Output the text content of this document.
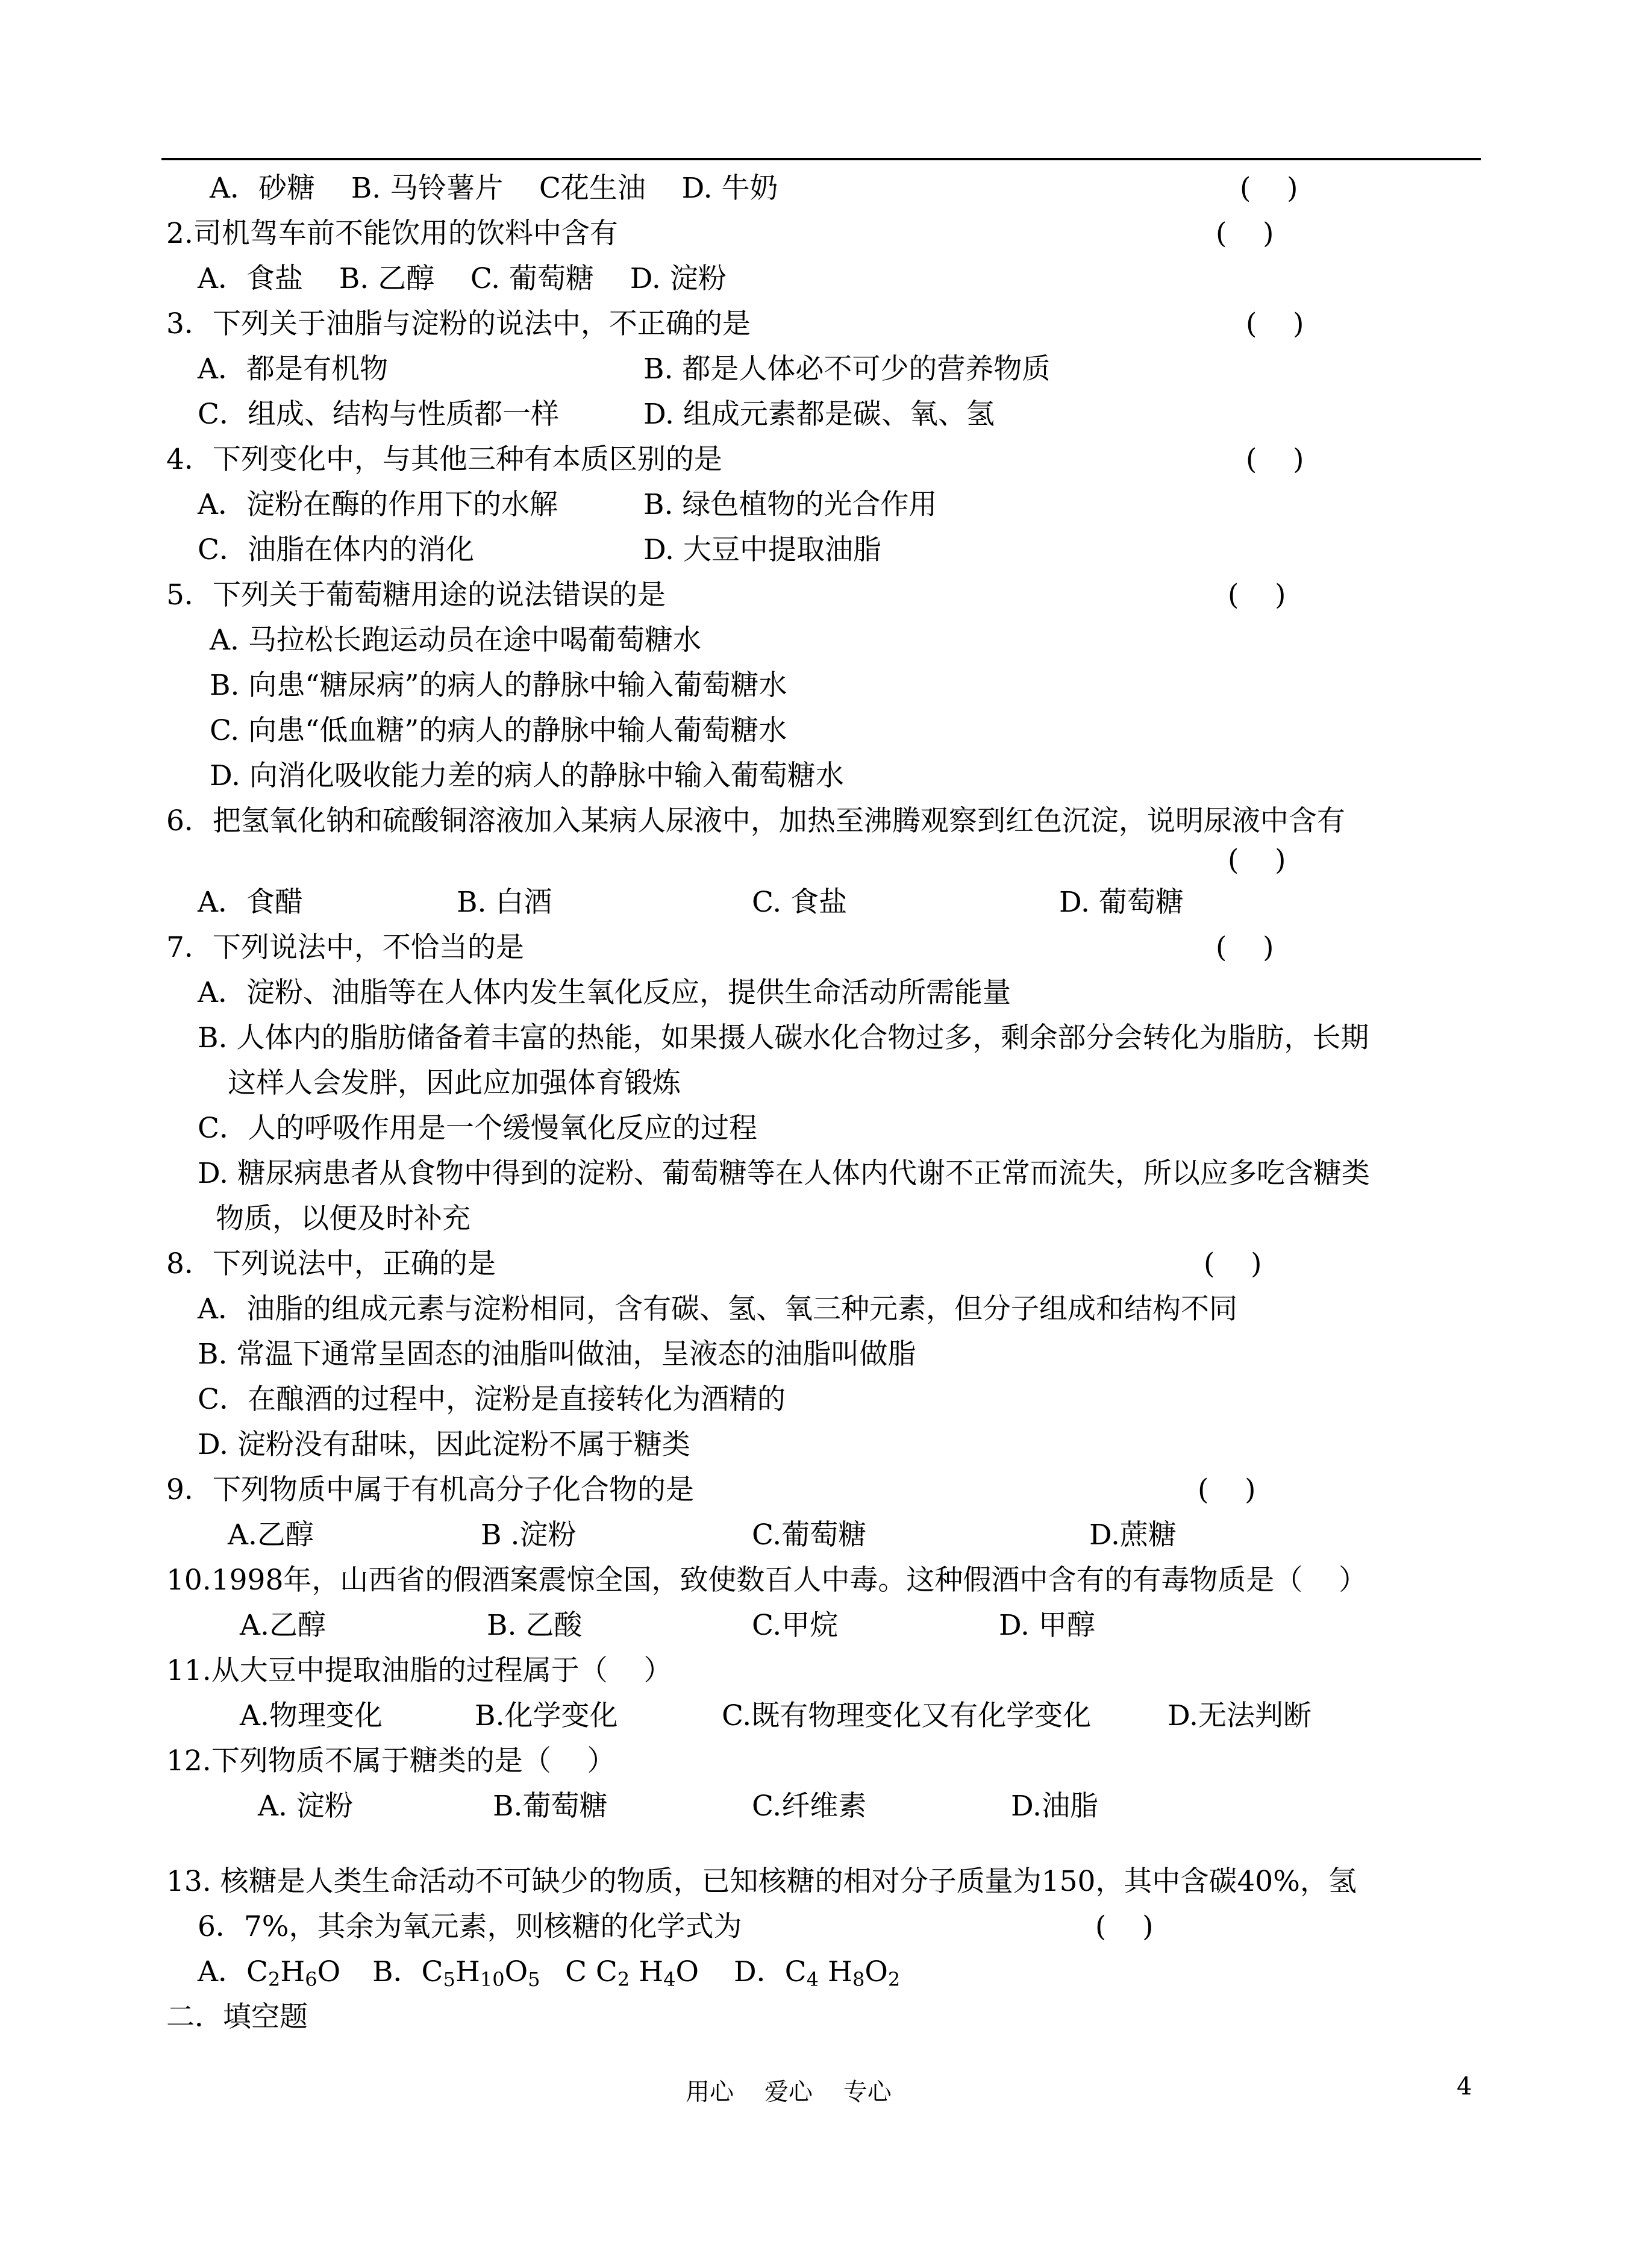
A．砂糖    B. 马铃薯片    C花生油    D. 牛奶	(    )
2.司机驾车前不能饮用的饮料中含有	(    )
A．食盐    B. 乙醇    C. 葡萄糖    D. 淀粉
3．下列关于油脂与淀粉的说法中，不正确的是	(    )
A．都是有机物	B. 都是人体必不可少的营养物质
C．组成、结构与性质都一样	D. 组成元素都是碳、氧、氢
4．下列变化中，与其他三种有本质区别的是	(    )
A．淀粉在酶的作用下的水解	B. 绿色植物的光合作用
C．油脂在体内的消化	D. 大豆中提取油脂
5．下列关于葡萄糖用途的说法错误的是	(    )
A. 马拉松长跑运动员在途中喝葡萄糖水
B. 向患“糖尿病”的病人的静脉中输入葡萄糖水
C. 向患“低血糖”的病人的静脉中输人葡萄糖水
D. 向消化吸收能力差的病人的静脉中输入葡萄糖水
6．把氢氧化钠和硫酸铜溶液加入某病人尿液中，加热至沸腾观察到红色沉淀，说明尿液中含有
(    )
A．食醋	B. 白酒	C. 食盐	D. 葡萄糖
7．下列说法中，不恰当的是	(    )
A．淀粉、油脂等在人体内发生氧化反应，提供生命活动所需能量
B. 人体内的脂肪储备着丰富的热能，如果摄人碳水化合物过多，剩余部分会转化为脂肪，长期
这样人会发胖，因此应加强体育锻炼
C．人的呼吸作用是一个缓慢氧化反应的过程
D. 糖尿病患者从食物中得到的淀粉、葡萄糖等在人体内代谢不正常而流失，所以应多吃含糖类
物质，以便及时补充
8．下列说法中，正确的是	(    )
A．油脂的组成元素与淀粉相同，含有碳、氢、氧三种元素，但分子组成和结构不同
B. 常温下通常呈固态的油脂叫做油，呈液态的油脂叫做脂
C．在酿酒的过程中，淀粉是直接转化为酒精的
D. 淀粉没有甜味，因此淀粉不属于糖类
9．下列物质中属于有机高分子化合物的是	(    )
A.乙醇	B .淀粉	C.葡萄糖	D.蔗糖
10.1998年，山西省的假酒案震惊全国，致使数百人中毒。这种假酒中含有的有毒物质是（    ）
A.乙醇	B. 乙酸	C.甲烷	D. 甲醇
11.从大豆中提取油脂的过程属于（    ）
A.物理变化	B.化学变化	C.既有物理变化又有化学变化	D.无法判断
12.下列物质不属于糖类的是（    ）
A. 淀粉	B.葡萄糖	C.纤维素	D.油脂
13. 核糖是人类生命活动不可缺少的物质，已知核糖的相对分子质量为150，其中含碳40%，氢
6．7%，其余为氧元素，则核糖的化学式为	(    )
A．$C_2H_6O$ B．$C_5H_{10}O_5$ C $C_2$ $H_4O$ D．$C_4$ $H_8O_2$
二．填空题
用心    爱心    专心	4
